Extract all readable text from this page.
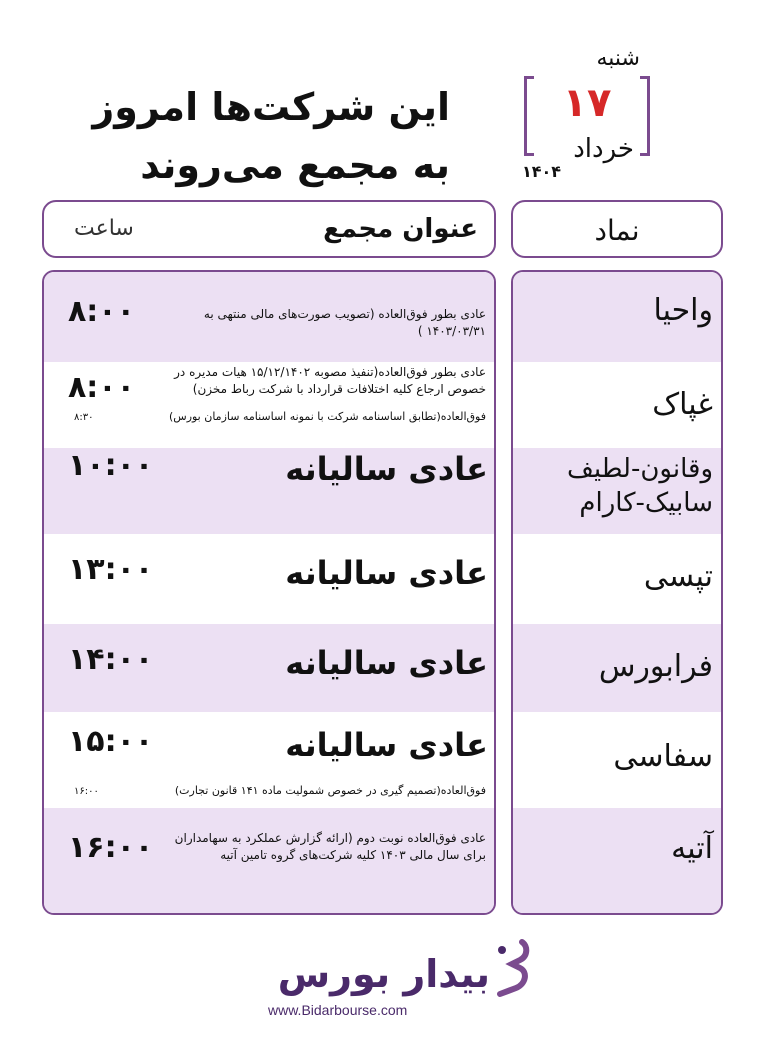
شنبه
۱۷
خرداد
۱۴۰۴
این شرکت‌ها امروز
به مجمع می‌روند
عنوان مجمع
ساعت	نماد
واحیا
غپاک
وقانون-لطیف
سابیک-کارام
تپسی
فرابورس
سفاسی
آتیه
عادی بطور فوق‌العاده (تصویب صورت‌های مالی منتهی به ۱۴۰۳/۰۳/۳۱ )
۸:۰۰
عادی بطور فوق‌العاده(تنفیذ مصوبه ۱۵/۱۲/۱۴۰۲ هیات مدیره در خصوص ارجاع کلیه اختلافات قرارداد با شرکت رباط مخزن)
۸:۰۰
فوق‌العاده(تطابق اساسنامه شرکت با نمونه اساسنامه سازمان بورس)
۸:۳۰
عادی سالیانه
۱۰:۰۰
عادی سالیانه
۱۳:۰۰
عادی سالیانه
۱۴:۰۰
عادی سالیانه
۱۵:۰۰
فوق‌العاده(تصمیم گیری در خصوص شمولیت ماده ۱۴۱ قانون تجارت)
۱۶:۰۰
عادی فوق‌العاده نوبت دوم (ارائه گزارش عملکرد به سهامداران برای سال مالی ۱۴۰۳ کلیه شرکت‌های گروه تامین آتیه
۱۶:۰۰
بیدار بورس
www.Bidarbourse.com
